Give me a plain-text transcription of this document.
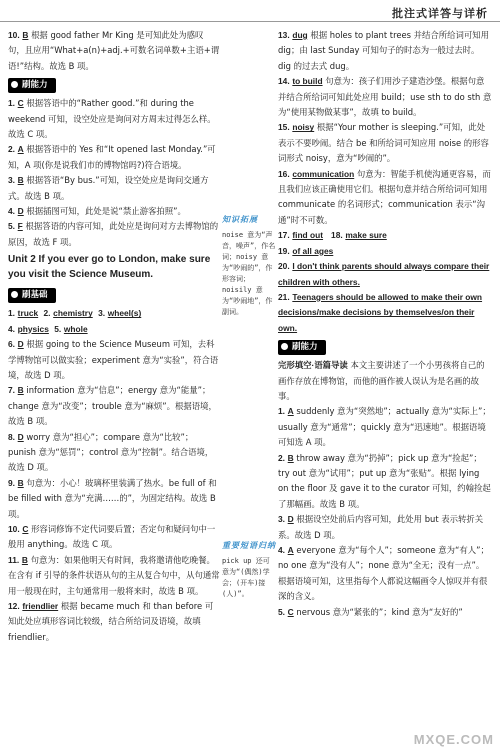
批注式详答与详析

10. B 根据 good father Mr King 是可知此处为感叹句，且应用“What+a(n)+adj.+可数名词单数+主语+谓语!”结构。故选 B 项。

刷能力

1. C 根据答语中的“Rather good.”和 during the weekend 可知，设空处应是询问对方周末过得怎么样。故选 C 项。

2. A 根据答语中的 Yes 和“It opened last Monday.”可知，A 项(你是说我们市的博物馆吗?)符合语境。

3. B 根据答语“By bus.”可知，设空处应是询问交通方式。故选 B 项。

4. D 根据插图可知，此处是说“禁止游客拍照”。

5. F 根据答语的内容可知，此处应是询问对方去博物馆的原因，故选 F 项。

Unit 2 If you ever go to London, make sure you visit the Science Museum.
刷基础

1. truck 2. chemistry 3. wheel(s)

4. physics 5. whole

6. D 根据 going to the Science Museum 可知，去科学博物馆可以做实验；experiment 意为“实验”，符合语境，故选 D 项。

7. B information 意为“信息”；energy 意为“能量”；change 意为“改变”；trouble 意为“麻烦”。根据语境，故选 B 项。

8. D worry 意为“担心”；compare 意为“比较”；punish 意为“惩罚”；control 意为“控制”。结合语境，故选 D 项。

9. B 句意为：小心！玻璃杯里装满了热水。be full of 和 be filled with 意为“充满……的”，为固定结构。故选 B 项。

10. C 形容词修饰不定代词要后置；否定句和疑问句中一般用 anything。故选 C 项。

11. B 句意为：如果他明天有时间，我将邀请他吃晚餐。在含有 if 引导的条件状语从句的主从复合句中，从句通常用一般现在时，主句通常用一般将来时，故选 B 项。

12. friendlier 根据 became much 和 than before 可知此处应填形容词比较级，结合所给词及语境，故填 friendlier。

知识拓展
noise 意为“声音，噪声”，作名词；noisy 意为“吵闹的”，作形容词；noisily 意为“吵闹地”，作副词。
重要短语归纳
pick up 还可意为“(偶然)学会；(开车)接(人)”。

13. dug 根据 holes to plant trees 并结合所给词可知用 dig；由 last Sunday 可知句子的时态为一般过去时。dig 的过去式 dug。

14. to build 句意为：孩子们用沙子建造沙堡。根据句意并结合所给词可知此处应用 build；use sth to do sth 意为“使用某物做某事”，故填 to build。

15. noisy 根据“Your mother is sleeping.”可知，此处表示不要吵闹。结合 be 和所给词可知应用 noise 的形容词形式 noisy，意为“吵闹的”。

16. communication 句意为：智能手机使沟通更容易，而且我们应该正确使用它们。根据句意并结合所给词可知用 communicate 的名词形式；communication 表示“沟通”时不可数。

17. find out 18. make sure

19. of all ages

20. I don't think parents should always compare their children with others.

21. Teenagers should be allowed to make their own decisions/make decisions by themselves/on their own.

刷能力

完形填空·语篇导读 本文主要讲述了一个小男孩将自己的画作存放在博物馆，而他的画作被人误认为是名画的故事。

1. A suddenly 意为“突然地”；actually 意为“实际上”；usually 意为“通常”；quickly 意为“迅速地”。根据语境可知选 A 项。

2. B throw away 意为“扔掉”；pick up 意为“捡起”；try out 意为“试用”；put up 意为“张贴”。根据 lying on the floor 及 gave it to the curator 可知，约翰捡起了那幅画。故选 B 项。

3. D 根据设空处前后内容可知，此处用 but 表示转折关系。故选 D 项。

4. A everyone 意为“每个人”；someone 意为“有人”；no one 意为“没有人”；none 意为“全无；没有一点”。根据语境可知，这里指每个人都说这幅画令人惊叹并有很深的含义。

5. C nervous 意为“紧张的”；kind 意为“友好的”

MXQE.COM
